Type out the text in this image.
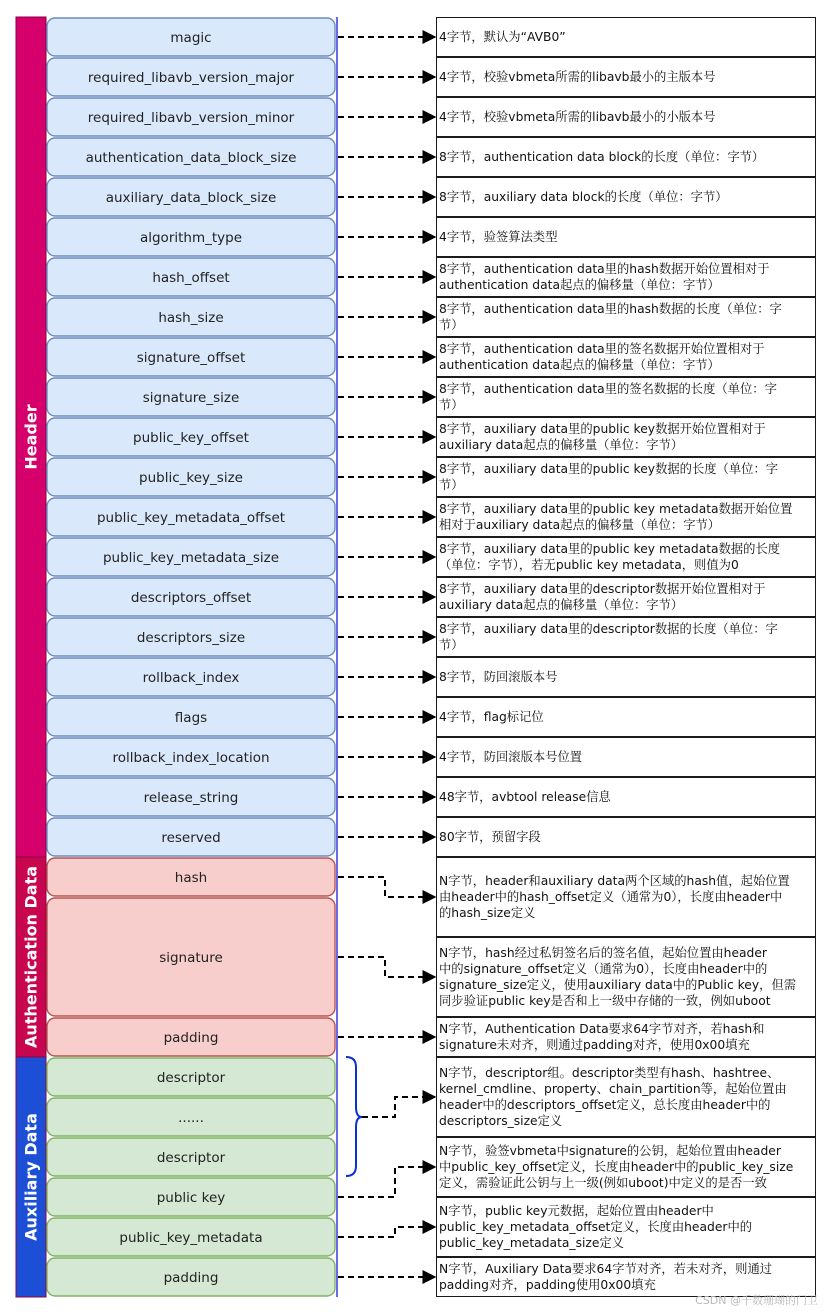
Header
Authentication Data
Auxiliary Data
magic
required_libavb_version_major
required_libavb_version_minor
authentication_data_block_size
auxiliary_data_block_size
algorithm_type
hash_offset
hash_size
signature_offset
signature_size
public_key_offset
public_key_size
public_key_metadata_offset
public_key_metadata_size
descriptors_offset
descriptors_size
rollback_index
flags
rollback_index_location
release_string
reserved
hash
signature
padding
descriptor
......
descriptor
public key
public_key_metadata
padding
4字节，默认为“AVB0”
4字节，校验vbmeta所需的libavb最小的主版本号
4字节，校验vbmeta所需的libavb最小的小版本号
8字节，authentication data block的长度（单位：字节）
8字节，auxiliary data block的长度（单位：字节）
4字节，验签算法类型
8字节，authentication data里的hash数据开始位置相对于
authentication data起点的偏移量（单位：字节）
8字节，authentication data里的hash数据的长度（单位：字
节）
8字节，authentication data里的签名数据开始位置相对于
authentication data起点的偏移量（单位：字节）
8字节，authentication data里的签名数据的长度（单位：字
节）
8字节，auxiliary data里的public key数据开始位置相对于
auxiliary data起点的偏移量（单位：字节）
8字节，auxiliary data里的public key数据的长度（单位：字
节）
8字节，auxiliary data里的public key metadata数据开始位置
相对于auxiliary data起点的偏移量（单位：字节）
8字节，auxiliary data里的public key metadata数据的长度
（单位：字节），若无public key metadata，则值为0
8字节，auxiliary data里的descriptor数据开始位置相对于
auxiliary data起点的偏移量（单位：字节）
8字节，auxiliary data里的descriptor数据的长度（单位：字
节）
8字节，防回滚版本号
4字节，flag标记位
4字节，防回滚版本号位置
48字节，avbtool release信息
80字节，预留字段
N字节，header和auxiliary data两个区域的hash值，起始位置
由header中的hash_offset定义（通常为0），长度由header中
的hash_size定义
N字节，hash经过私钥签名后的签名值，起始位置由header
中的signature_offset定义（通常为0），长度由header中的
signature_size定义，使用auxiliary data中的Public key，但需
同步验证public key是否和上一级中存储的一致，例如uboot
N字节，Authentication Data要求64字节对齐，若hash和
signature未对齐，则通过padding对齐，使用0x00填充
N字节，descriptor组。descriptor类型有hash、hashtree、
kernel_cmdline、property、chain_partition等，起始位置由
header中的descriptors_offset定义，总长度由header中的
descriptors_size定义
N字节，验签vbmeta中signature的公钥，起始位置由header
中public_key_offset定义，长度由header中的public_key_size
定义，需验证此公钥与上一级(例如uboot)中定义的是否一致
N字节，public key元数据，起始位置由header中
public_key_metadata_offset定义，长度由header中的
public_key_metadata_size定义
N字节，Auxiliary Data要求64字节对齐，若未对齐，则通过
padding对齐，padding使用0x00填充
CSDN @千数珊瑚的门卫
